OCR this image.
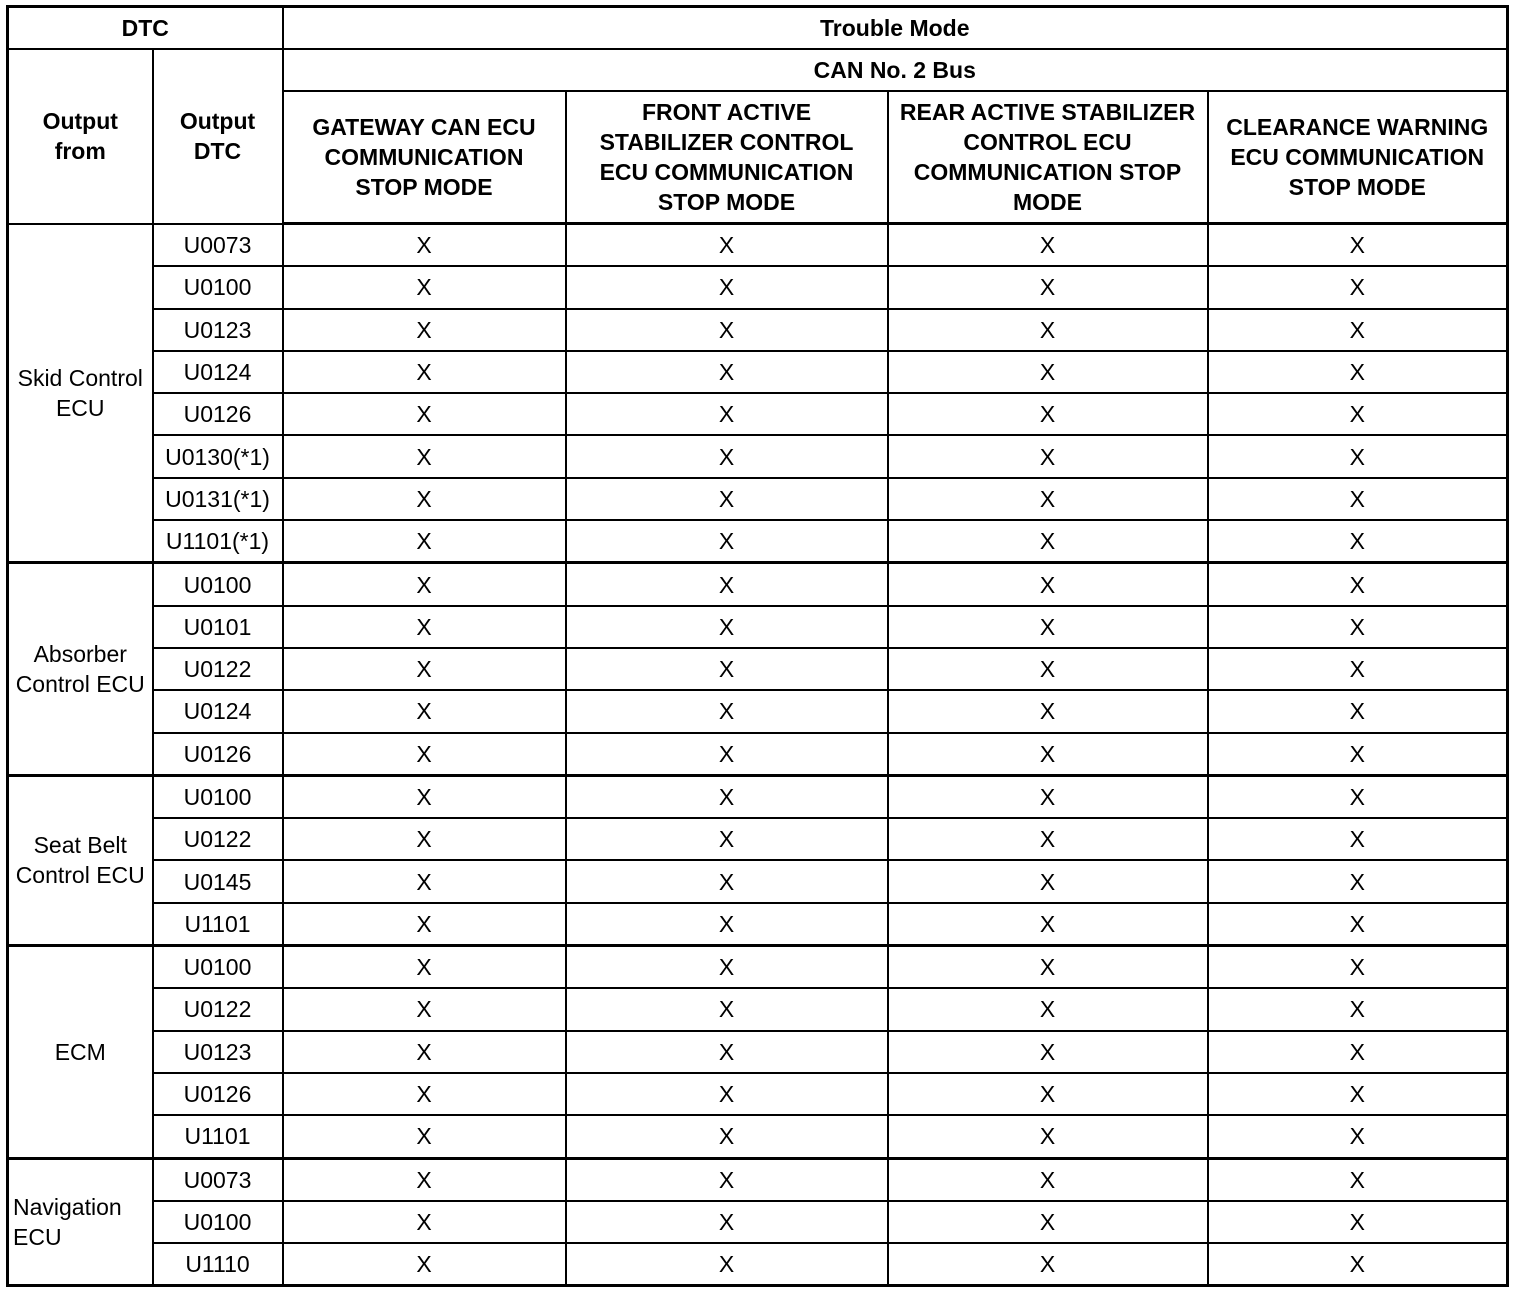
DTC		Trouble Mode			
Output from	Output DTC	CAN No. 2 Bus			
		GATEWAY CAN ECU COMMUNICATION STOP MODE	FRONT ACTIVE STABILIZER CONTROL ECU COMMUNICATION STOP MODE	REAR ACTIVE STABILIZER CONTROL ECU COMMUNICATION STOP MODE	CLEARANCE WARNING ECU COMMUNICATION STOP MODE
Skid Control ECU	U0073	X	X	X	X
	U0100	X	X	X	X
	U0123	X	X	X	X
	U0124	X	X	X	X
	U0126	X	X	X	X
	U0130(*1)	X	X	X	X
	U0131(*1)	X	X	X	X
	U1101(*1)	X	X	X	X
Absorber Control ECU	U0100	X	X	X	X
	U0101	X	X	X	X
	U0122	X	X	X	X
	U0124	X	X	X	X
	U0126	X	X	X	X
Seat Belt Control ECU	U0100	X	X	X	X
	U0122	X	X	X	X
	U0145	X	X	X	X
	U1101	X	X	X	X
ECM	U0100	X	X	X	X
	U0122	X	X	X	X
	U0123	X	X	X	X
	U0126	X	X	X	X
	U1101	X	X	X	X
Navigation ECU	U0073	X	X	X	X
	U0100	X	X	X	X
	U1110	X	X	X	X
